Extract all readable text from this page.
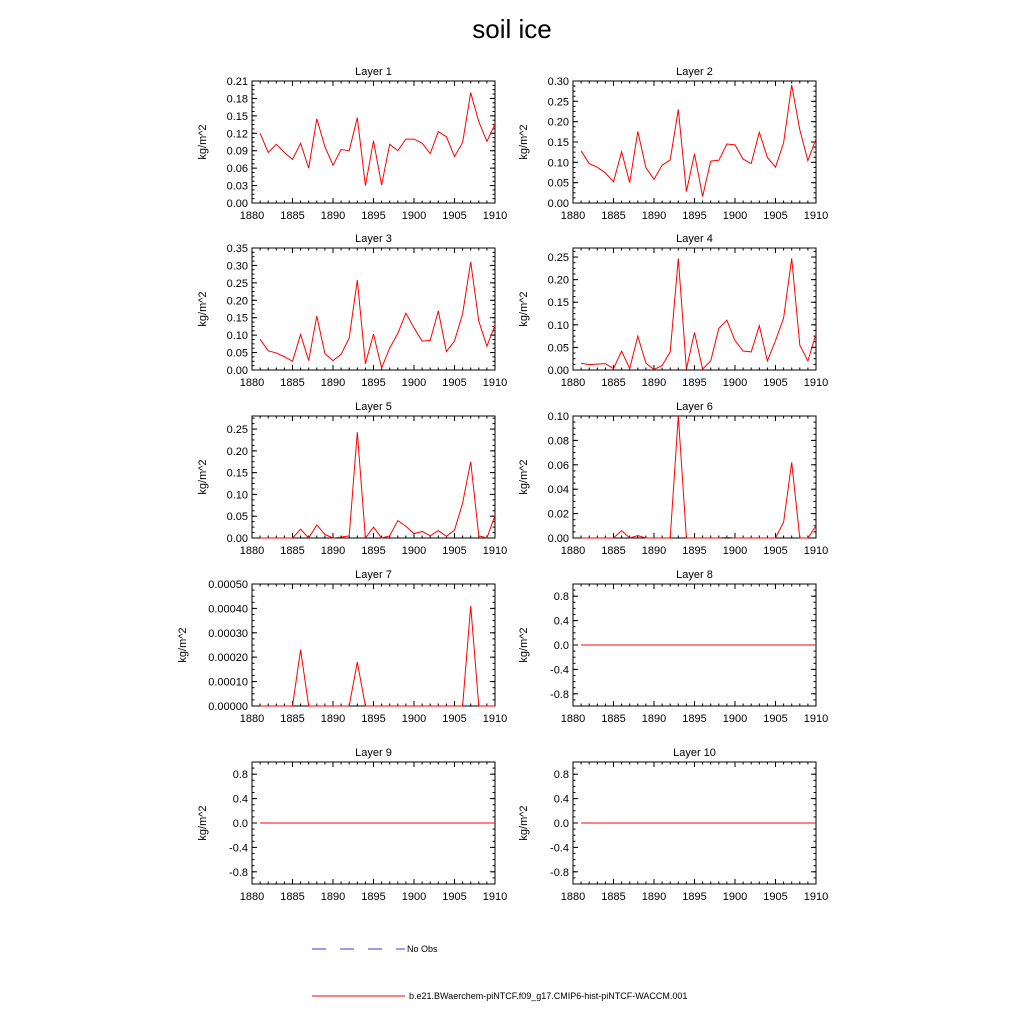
soil ice
Layer 1
1880 1885 1890 1895 1900 1905 1910
0.00
0.03
0.06
0.09
0.12
0.15
0.18
0.21
kg/m^2
Layer 2
1880 1885 1890 1895 1900 1905 1910
0.00
0.05
0.10
0.15
0.20
0.25
0.30
kg/m^2
Layer 3
1880 1885 1890 1895 1900 1905 1910
0.00
0.05
0.10
0.15
0.20
0.25
0.30
0.35
kg/m^2
Layer 4
1880 1885 1890 1895 1900 1905 1910
0.00
0.05
0.10
0.15
0.20
0.25
kg/m^2
Layer 5
1880 1885 1890 1895 1900 1905 1910
0.00
0.05
0.10
0.15
0.20
0.25
kg/m^2
Layer 6
1880 1885 1890 1895 1900 1905 1910
0.00
0.02
0.04
0.06
0.08
0.10
kg/m^2
Layer 7
1880 1885 1890 1895 1900 1905 1910
0.00000
0.00010
0.00020
0.00030
0.00040
0.00050
kg/m^2
Layer 8
1880 1885 1890 1895 1900 1905 1910
-0.8
-0.4
0.0
0.4
0.8
kg/m^2
Layer 9
1880 1885 1890 1895 1900 1905 1910
-0.8
-0.4
0.0
0.4
0.8
kg/m^2
Layer 10
1880 1885 1890 1895 1900 1905 1910
-0.8
-0.4
0.0
0.4
0.8
kg/m^2
No Obs
b.e21.BWaerchem-piNTCF.f09_g17.CMIP6-hist-piNTCF-WACCM.001
